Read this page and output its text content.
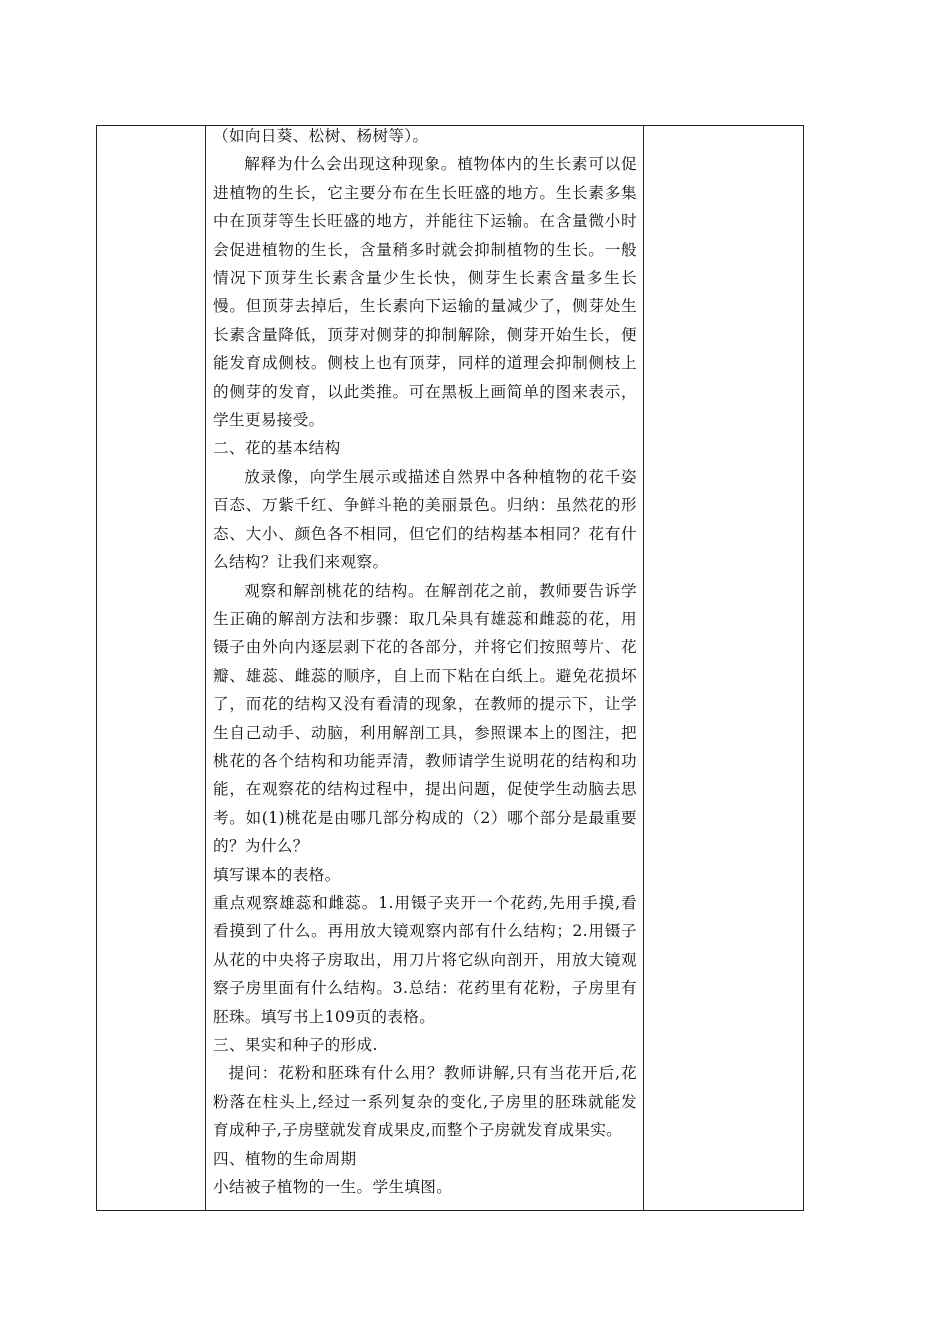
（如向日葵、松树、杨树等）。

解释为什么会出现这种现象。植物体内的生长素可以促进植物的生长，它主要分布在生长旺盛的地方。生长素多集中在顶芽等生长旺盛的地方，并能往下运输。在含量微小时会促进植物的生长，含量稍多时就会抑制植物的生长。一般情况下顶芽生长素含量少生长快，侧芽生长素含量多生长慢。但顶芽去掉后，生长素向下运输的量减少了，侧芽处生长素含量降低，顶芽对侧芽的抑制解除，侧芽开始生长，便能发育成侧枝。侧枝上也有顶芽，同样的道理会抑制侧枝上的侧芽的发育，以此类推。可在黑板上画简单的图来表示，学生更易接受。

二、花的基本结构

放录像，向学生展示或描述自然界中各种植物的花千姿百态、万紫千红、争鲜斗艳的美丽景色。归纳：虽然花的形态、大小、颜色各不相同，但它们的结构基本相同？花有什么结构？让我们来观察。

观察和解剖桃花的结构。在解剖花之前，教师要告诉学生正确的解剖方法和步骤：取几朵具有雄蕊和雌蕊的花，用镊子由外向内逐层剥下花的各部分，并将它们按照萼片、花瓣、雄蕊、雌蕊的顺序，自上而下粘在白纸上。避免花损坏了，而花的结构又没有看清的现象，在教师的提示下，让学生自己动手、动脑，利用解剖工具，参照课本上的图注，把桃花的各个结构和功能弄清，教师请学生说明花的结构和功能，在观察花的结构过程中，提出问题，促使学生动脑去思考。如(1)桃花是由哪几部分构成的（2）哪个部分是最重要的？为什么？

填写课本的表格。

重点观察雄蕊和雌蕊。1.用镊子夹开一个花药,先用手摸,看看摸到了什么。再用放大镜观察内部有什么结构；2.用镊子从花的中央将子房取出，用刀片将它纵向剖开，用放大镜观察子房里面有什么结构。3.总结：花药里有花粉，子房里有胚珠。填写书上109页的表格。

三、果实和种子的形成.

提问：花粉和胚珠有什么用？教师讲解,只有当花开后,花粉落在柱头上,经过一系列复杂的变化,子房里的胚珠就能发育成种子,子房壁就发育成果皮,而整个子房就发育成果实。

四、植物的生命周期

小结被子植物的一生。学生填图。
